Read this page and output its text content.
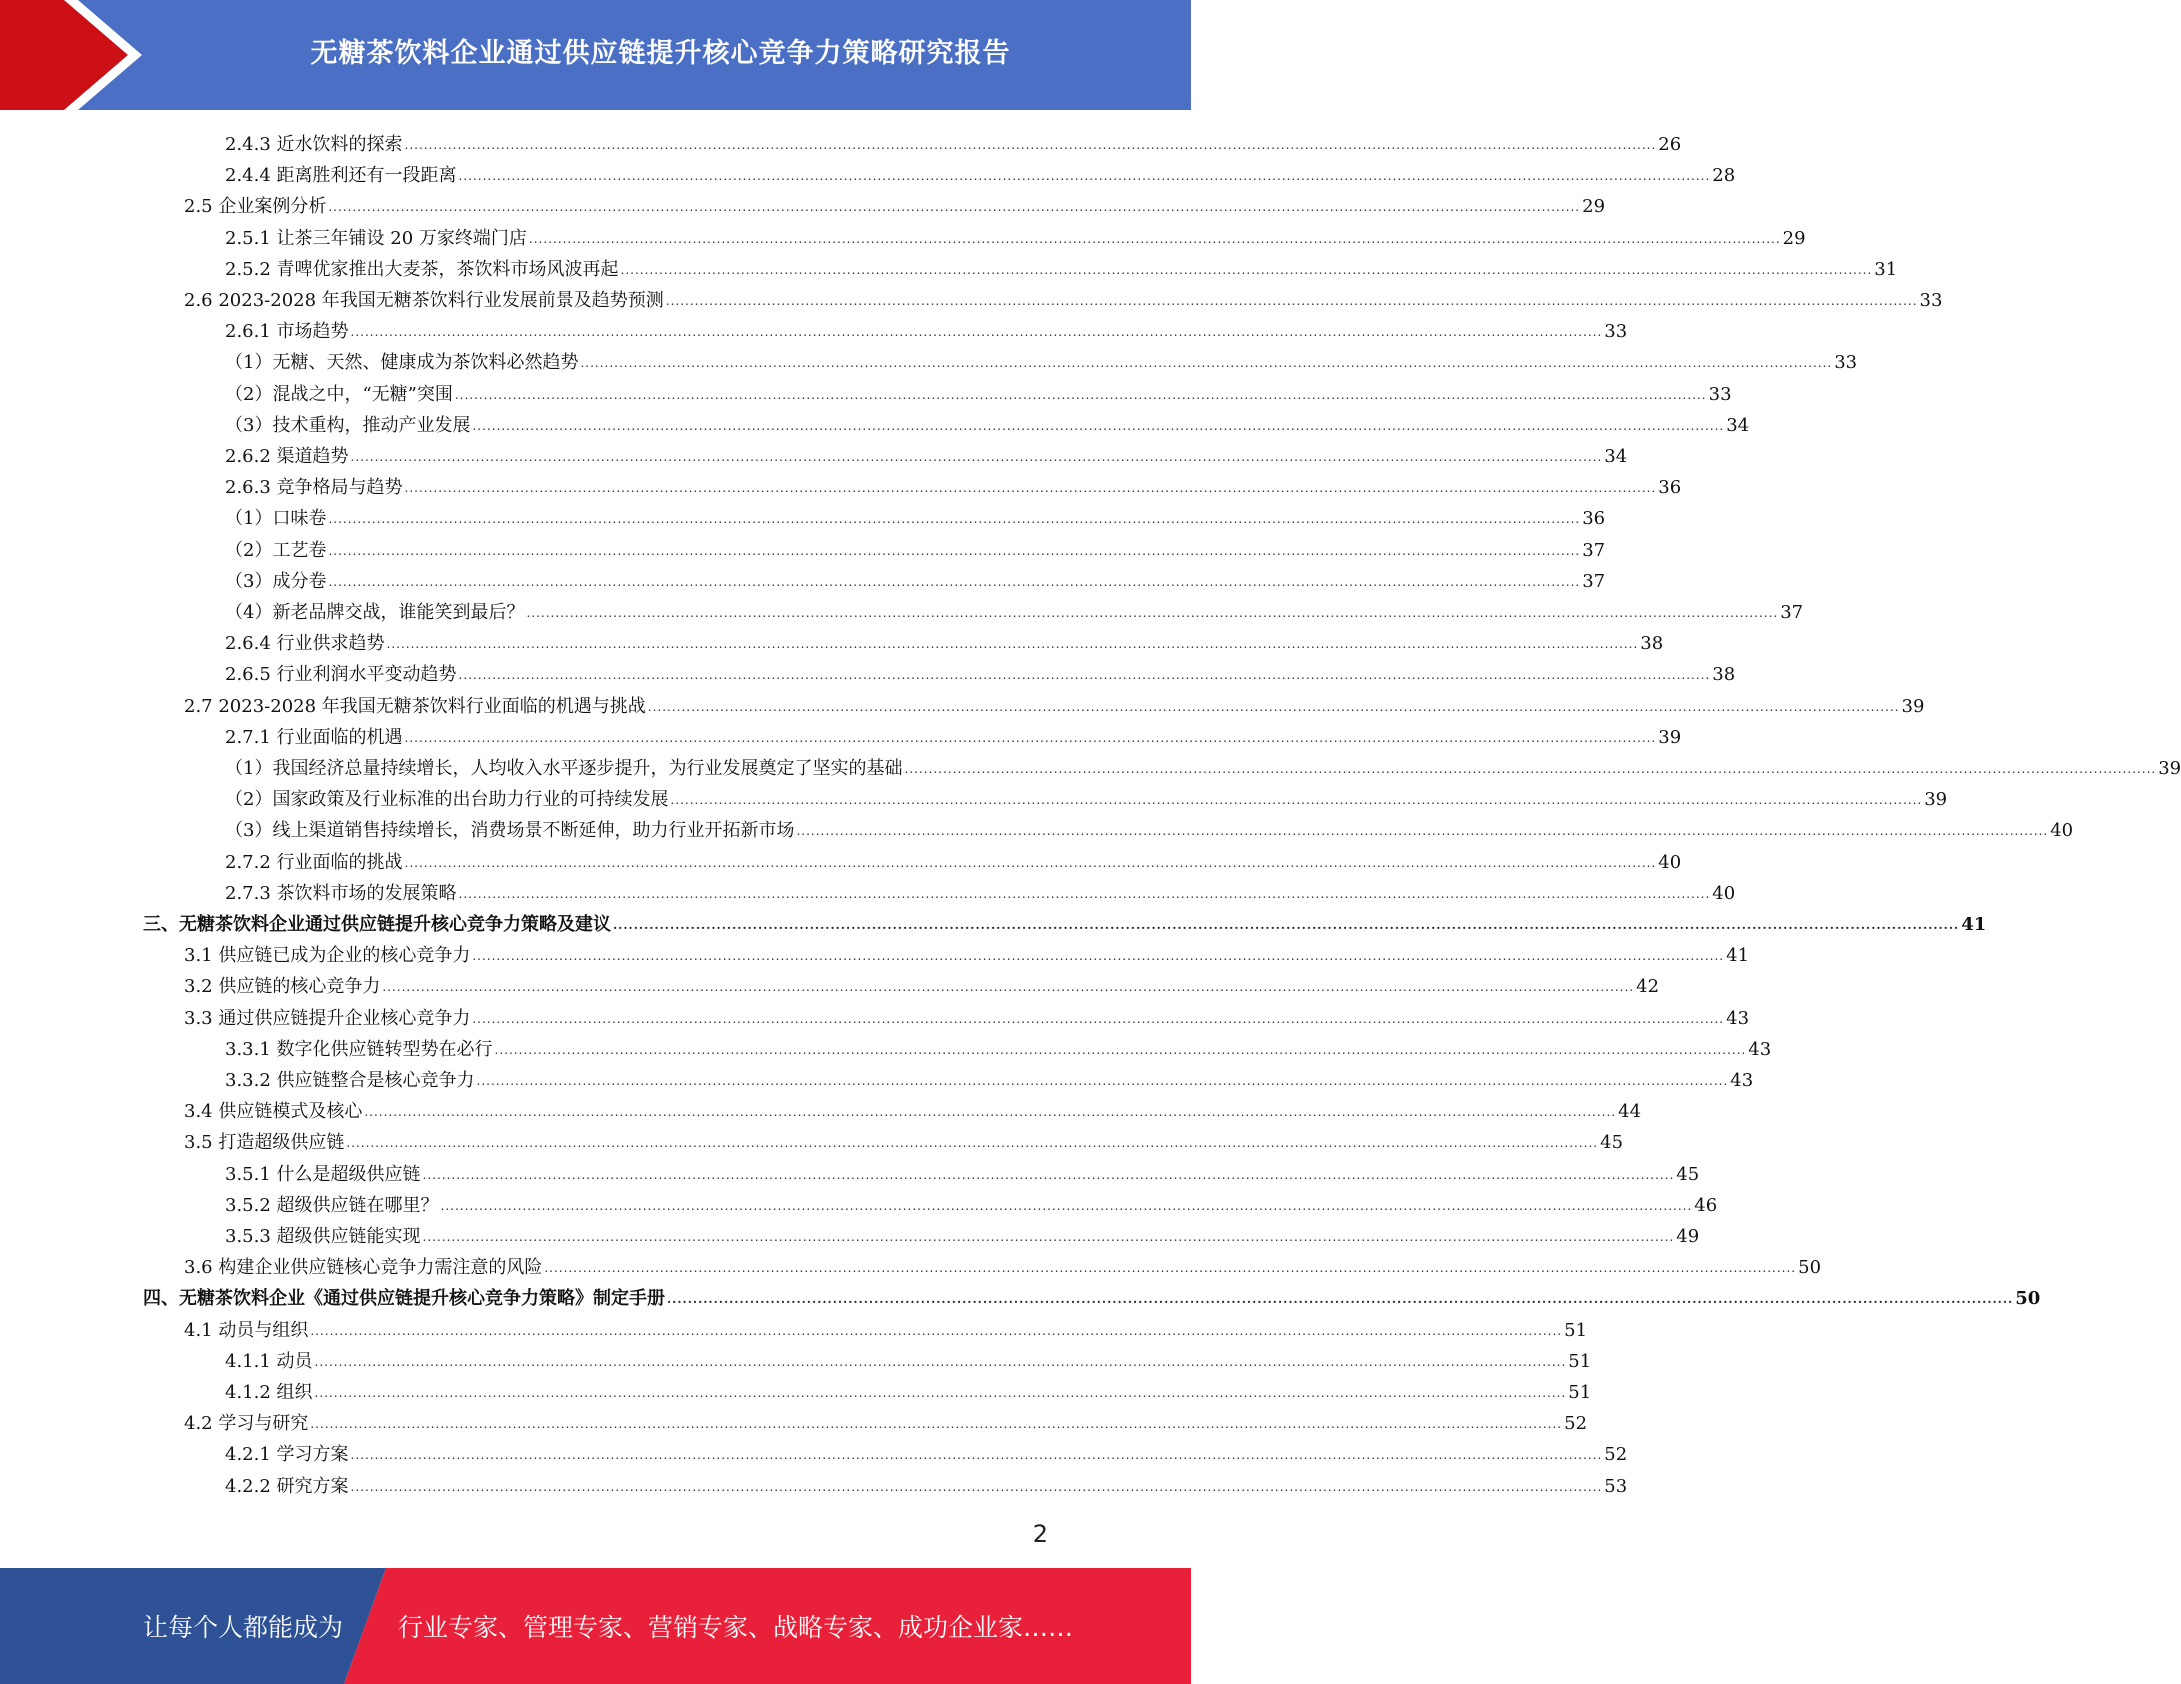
无糖茶饮料企业通过供应链提升核心竞争力策略研究报告
2.4.3 近水饮料的探索 .................................................................................................................................................................................................................................................................... 26
2.4.4 距离胜利还有一段距离 .................................................................................................................................................................................................................................................................... 28
2.5 企业案例分析 .................................................................................................................................................................................................................................................................... 29
2.5.1 让茶三年铺设 20 万家终端门店 .................................................................................................................................................................................................................................................................... 29
2.5.2 青啤优家推出大麦茶，茶饮料市场风波再起 .................................................................................................................................................................................................................................................................... 31
2.6 2023-2028 年我国无糖茶饮料行业发展前景及趋势预测 .................................................................................................................................................................................................................................................................... 33
2.6.1 市场趋势 .................................................................................................................................................................................................................................................................... 33
（1）无糖、天然、健康成为茶饮料必然趋势 .................................................................................................................................................................................................................................................................... 33
（2）混战之中，“无糖”突围 .................................................................................................................................................................................................................................................................... 33
（3）技术重构，推动产业发展 .................................................................................................................................................................................................................................................................... 34
2.6.2 渠道趋势 .................................................................................................................................................................................................................................................................... 34
2.6.3 竞争格局与趋势 .................................................................................................................................................................................................................................................................... 36
（1）口味卷 .................................................................................................................................................................................................................................................................... 36
（2）工艺卷 .................................................................................................................................................................................................................................................................... 37
（3）成分卷 .................................................................................................................................................................................................................................................................... 37
（4）新老品牌交战，谁能笑到最后？ .................................................................................................................................................................................................................................................................... 37
2.6.4 行业供求趋势 .................................................................................................................................................................................................................................................................... 38
2.6.5 行业利润水平变动趋势 .................................................................................................................................................................................................................................................................... 38
2.7 2023-2028 年我国无糖茶饮料行业面临的机遇与挑战 .................................................................................................................................................................................................................................................................... 39
2.7.1 行业面临的机遇 .................................................................................................................................................................................................................................................................... 39
（1）我国经济总量持续增长，人均收入水平逐步提升，为行业发展奠定了坚实的基础 .................................................................................................................................................................................................................................................................... 39
（2）国家政策及行业标准的出台助力行业的可持续发展 .................................................................................................................................................................................................................................................................... 39
（3）线上渠道销售持续增长，消费场景不断延伸，助力行业开拓新市场 .................................................................................................................................................................................................................................................................... 40
2.7.2 行业面临的挑战 .................................................................................................................................................................................................................................................................... 40
2.7.3 茶饮料市场的发展策略 .................................................................................................................................................................................................................................................................... 40
三、无糖茶饮料企业通过供应链提升核心竞争力策略及建议 .................................................................................................................................................................................................................................................................... 41
3.1 供应链已成为企业的核心竞争力 .................................................................................................................................................................................................................................................................... 41
3.2 供应链的核心竞争力 .................................................................................................................................................................................................................................................................... 42
3.3 通过供应链提升企业核心竞争力 .................................................................................................................................................................................................................................................................... 43
3.3.1 数字化供应链转型势在必行 .................................................................................................................................................................................................................................................................... 43
3.3.2 供应链整合是核心竞争力 .................................................................................................................................................................................................................................................................... 43
3.4 供应链模式及核心 .................................................................................................................................................................................................................................................................... 44
3.5 打造超级供应链 .................................................................................................................................................................................................................................................................... 45
3.5.1 什么是超级供应链 .................................................................................................................................................................................................................................................................... 45
3.5.2 超级供应链在哪里？ .................................................................................................................................................................................................................................................................... 46
3.5.3 超级供应链能实现 .................................................................................................................................................................................................................................................................... 49
3.6 构建企业供应链核心竞争力需注意的风险 .................................................................................................................................................................................................................................................................... 50
四、无糖茶饮料企业《通过供应链提升核心竞争力策略》制定手册 .................................................................................................................................................................................................................................................................... 50
4.1 动员与组织 .................................................................................................................................................................................................................................................................... 51
4.1.1 动员 .................................................................................................................................................................................................................................................................... 51
4.1.2 组织 .................................................................................................................................................................................................................................................................... 51
4.2 学习与研究 .................................................................................................................................................................................................................................................................... 52
4.2.1 学习方案 .................................................................................................................................................................................................................................................................... 52
4.2.2 研究方案 .................................................................................................................................................................................................................................................................... 53
2
让每个人都能成为 行业专家、管理专家、营销专家、战略专家、成功企业家……
